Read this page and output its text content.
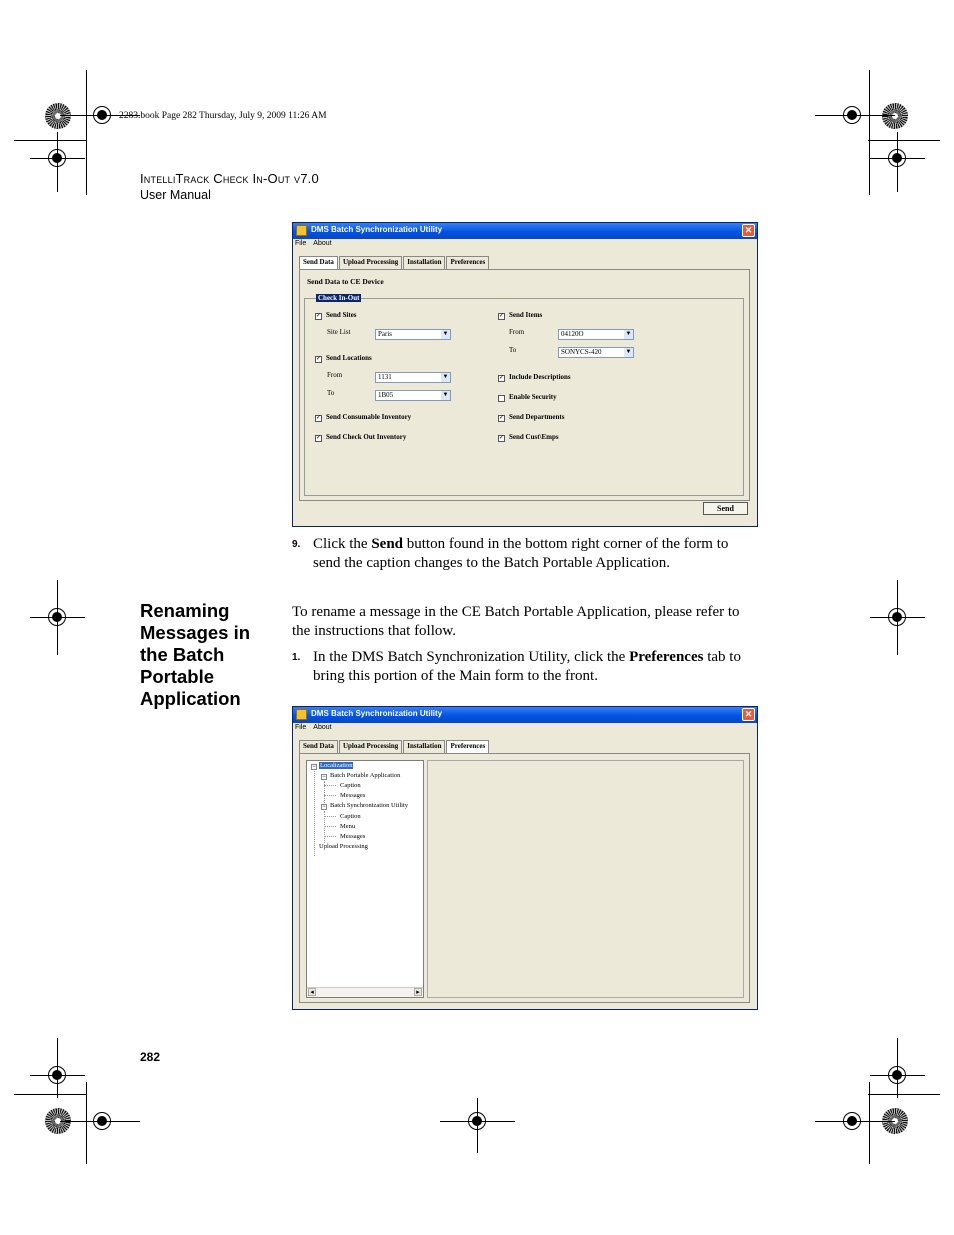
2283.book Page 282 Thursday, July 9, 2009 11:26 AM
IntelliTrack Check In-Out v7.0
User Manual
DMS Batch Synchronization Utility	✕
File About
Send Data	Upload Processing	Installation	Preferences
Send Data to CE Device
Check In-Out
✓ Send Sites
Site List	Paris	▼
✓ Send Locations
From	1131	▼
To	1B05	▼
✓ Send Consumable Inventory
✓ Send Check Out Inventory
✓ Send Items
From	04120O	▼
To	SONYCS-420	▼
✓ Include Descriptions
Enable Security
✓ Send Departments
✓ Send Cust\Emps
Send
9. Click the Send button found in the bottom right corner of the form to send the caption changes to the Batch Portable Application.

Renaming
Messages in
the Batch
Portable
Application

To rename a message in the CE Batch Portable Application, please refer to the instructions that follow.

1. In the DMS Batch Synchronization Utility, click the Preferences tab to bring this portion of the Main form to the front.

DMS Batch Synchronization Utility	✕
File About
Send Data	Upload Processing	Installation	Preferences
− Localization
− Batch Portable Application
Caption
Messages
− Batch Synchronization Utility
Caption
Menu
Messages
Upload Processing
◂	▸
282
